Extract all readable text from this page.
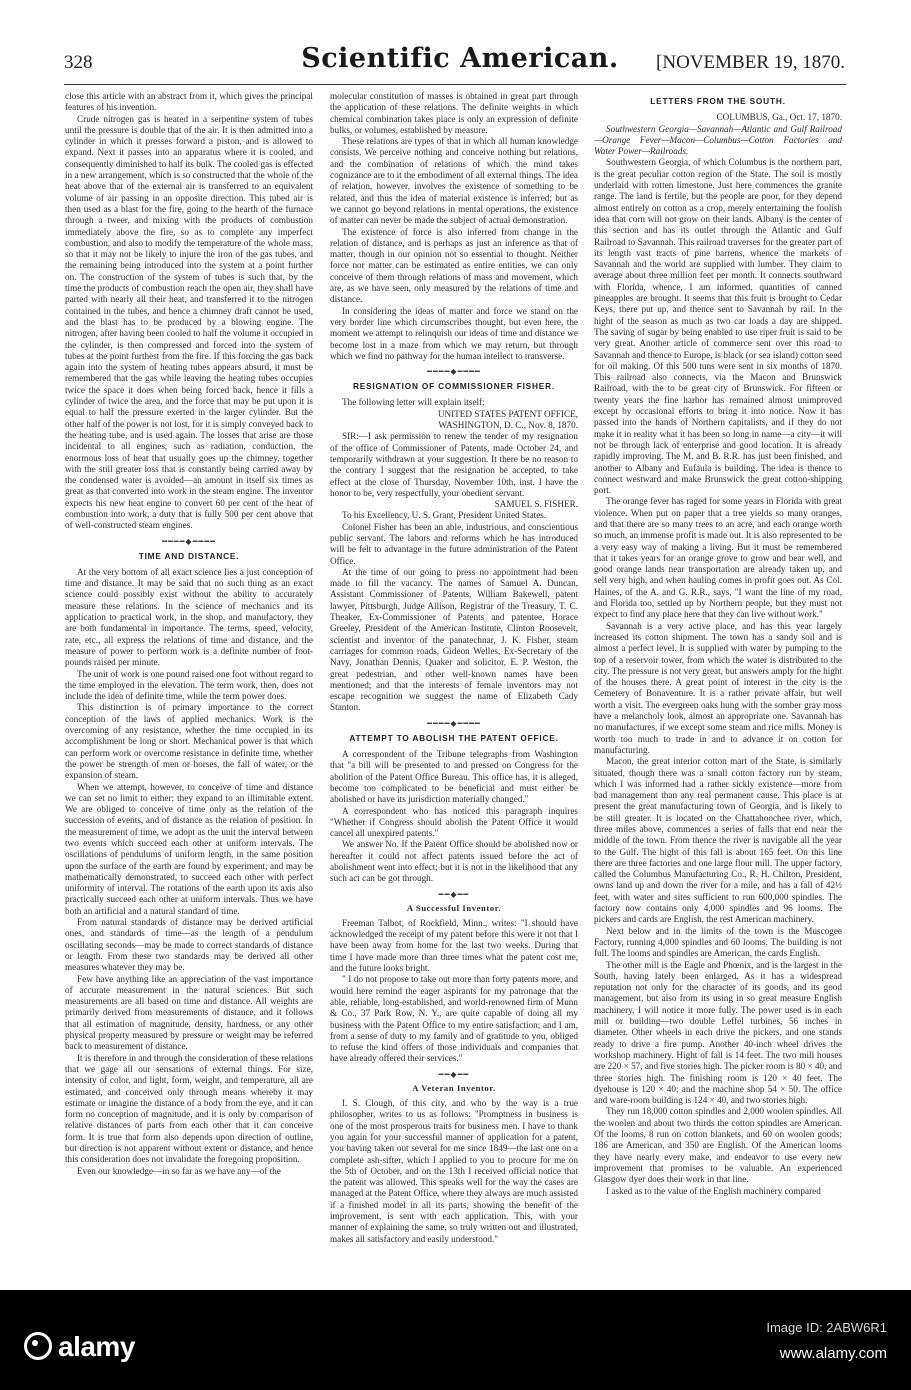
328	Scientific American. [NOVEMBER 19, 1870.

close this article with an abstract from it, which gives the principal features of his invention.

Crude nitrogen gas is heated in a serpentine system of tubes until the pressure is double that of the air. It is then admitted into a cylinder in which it presses forward a piston, and is allowed to expand. Next it passes into an apparatus where it is cooled, and consequently diminished to half its bulk. The cooled gas is effected in a new arrangement, which is so constructed that the whole of the heat above that of the external air is transferred to an equivalent volume of air passing in an opposite direction. This tubed air is then used as a blast for the fire, going to the hearth of the furnace through a tweer, and mixing with the products of combustion immediately above the fire, so as to complete any imperfect combustion, and also to modify the temperature of the whole mass, so that it may not be likely to injure the iron of the gas tubes, and the remaining being introduced into the system at a point further on. The construction of the system of tubes is such that, by the time the products of combustion reach the open air, they shall have parted with nearly all their heat, and transferred it to the nitrogen contained in the tubes, and hence a chimney draft cannot be used, and the blast has to be produced by a blowing engine. The nitrogen, after having been cooled to half the volume it occupied in the cylinder, is then compressed and forced into the system of tubes at the point furthest from the fire. If this forcing the gas back again into the system of heating tubes appears absurd, it must be remembered that the gas while leaving the heating tubes occupies twice the space it does when being forced back, hence it fills a cylinder of twice the area, and the force that may be put upon it is equal to half the pressure exerted in the larger cylinder. But the other half of the power is not lost, for it is simply conveyed back to the heating tube, and is used again. The losses that arise are those incidental to all engines, such as radiation, conduction, the enormous loss of heat that usually goes up the chimney, together with the still greater loss that is constantly being carried away by the condensed water is avoided—an amount in itself six times as great as that converted into work in the steam engine. The inventor expects his new heat engine to convert 60 per cent of the heat of combustion into work, a duty that is fully 500 per cent above that of well-constructed steam engines.

━━━━◆━━━━
TIME AND DISTANCE.

At the very bottom of all exact science lies a just conception of time and distance. It may be said that no such thing as an exact science could possibly exist without the ability to accurately measure these relations. In the science of mechanics and its application to practical work, in the shop, and manufactory, they are both fundamental in importance. The terms, speed, velocity, rate, etc., all express the relations of time and distance, and the measure of power to perform work is a definite number of foot-pounds raised per minute.

The unit of work is one pound raised one foot without regard to the time employed in the elevation. The term work, then, does not include the idea of definite time, while the term power does.

This distinction is of primary importance to the correct conception of the laws of applied mechanics. Work is the overcoming of any resistance, whether the time occupied in its accomplishment be long or short. Mechanical power is that which can perform work or overcome resistance in definite time, whether the power be strength of men or horses, the fall of water, or the expansion of steam.

When we attempt, however, to conceive of time and distance we can set no limit to either; they expand to an illimitable extent. We are obliged to conceive of time only as the relation of the succession of events, and of distance as the relation of position. In the measurement of time, we adopt as the unit the interval between two events which succeed each other at uniform intervals. The oscillations of pendulums of uniform length, in the same position upon the surface of the earth are found by experiment, and may be mathematically demonstrated, to succeed each other with perfect uniformity of interval. The rotations of the earth upon its axis also practically succeed each other at uniform intervals. Thus we have both an artificial and a natural standard of time.

From natural standards of distance may be derived artificial ones, and standards of time—as the length of a pendulum oscillating seconds—may be made to correct standards of distance or length. From these two standards may be derived all other measures whatever they may be.

Few have anything like an appreciation of the vast importance of accurate measurement in the natural sciences. But such measurements are all based on time and distance. All weights are primarily derived from measurements of distance, and it follows that all estimation of magnitude, density, hardness, or any other physical property measured by pressure or weight may be referred back to measurement of distance.

It is therefore in and through the consideration of these relations that we gage all our sensations of external things. For size, intensity of color, and light, form, weight, and temperature, all are estimated, and conceived only through means whereby it may estimate or imagine the distance of a body from the eye, and it can form no conception of magnitude, and it is only by comparison of relative distances of parts from each other that it can conceive form. It is true that form also depends upon direction of outline, but direction is not apparent without extent or distance, and hence this consideration does not invalidate the foregoing proposition.

Even our knowledge—in so far as we have any—of the

molecular constitution of masses is obtained in great part through the application of these relations. The definite weights in which chemical combination takes place is only an expression of definite bulks, or volumes, established by measure.

These relations are types of that in which all human knowledge consists. We perceive nothing and conceive nothing but relations, and the combination of relations of which the mind takes cognizance are to it the embodiment of all external things. The idea of relation, however, involves the existence of something to be related, and thus the idea of material existence is inferred; but as we cannot go beyond relations in mental operations, the existence of matter can never be made the subject of actual demonstration.

The existence of force is also inferred from change in the relation of distance, and is perhaps as just an inference as that of matter, though in our opinion not so essential to thought. Neither force nor matter can be estimated as entire entities, we can only conceive of them through relations of mass and movement, which are, as we have seen, only measured by the relations of time and distance.

In considering the ideas of matter and force we stand on the very border line which circumscribes thought, but even here, the moment we attempt to relinquish our ideas of time and distance we become lost in a maze from which we may return, but through which we find no pathway for the human intellect to transverse.

━━━━◆━━━━
RESIGNATION OF COMMISSIONER FISHER.

The following letter will explain itself:

UNITED STATES PATENT OFFICE,

WASHINGTON, D. C., Nov. 8, 1870.

SIR:—I ask permission to renew the tender of my resignation of the office of Commissioner of Patents, made October 24, and temporarily withdrawn at your suggestion. It there be no reason to the contrary I suggest that the resignation be accepted, to take effect at the close of Thursday, November 10th, inst. I have the honor to be, very respectfully, your obedient servant.

SAMUEL S. FISHER.

To his Excellency, U. S. Grant, President United States.

Colonel Fisher has been an able, industrious, and conscientious public servant. The labors and reforms which he has introduced will be felt to advantage in the future administration of the Patent Office.

At the time of our going to press no appointment had been made to fill the vacancy. The names of Samuel A. Duncan, Assistant Commissioner of Patents, William Bakewell, patent lawyer, Pittsburgh, Judge Allison, Registrar of the Treasury, T. C. Theaker, Ex-Commissioner of Patents and patentee, Horace Greeley, President of the American Institute, Clinton Roosevelt, scientist and inventor of the panatechnar, J. K. Fisher, steam carriages for common roads, Gideon Welles, Ex-Secretary of the Navy, Jonathan Dennis, Quaker and solicitor, E. P. Weston, the great pedestrian, and other well-known names have been mentioned; and that the interests of female inventors may not escape recognition we suggest the name of Elizabeth Cady Stanton.

━━━━◆━━━━
ATTEMPT TO ABOLISH THE PATENT OFFICE.

A correspondent of the Tribune telegraphs from Washington that "a bill will be presented to and pressed on Congress for the abolition of the Patent Office Bureau. This office has, it is alleged, become too complicated to be beneficial and must either be abolished or have its jurisdiction materially changed."

A correspondent who has noticed this paragraph inquires "Whether if Congress should abolish the Patent Office it would cancel all unexpired patents."

We answer No. If the Patent Office should be abolished now or hereafter it could not affect patents issued before the act of abolishment went into effect; but it is not in the likelihood that any such act can be got through.

━━◆━━
A Successful Inventor.

Freeman Talbot, of Rockfield, Minn., writes: "I should have acknowledged the receipt of my patent before this were it not that I have been away from home for the last two weeks. During that time I have made more than three times what the patent cost me, and the future looks bright.

" I do not propose to take out more than forty patents more, and would here remind the eager aspirants for my patronage that the able, reliable, long-established, and world-renowned firm of Munn & Co., 37 Park Row, N. Y., are quite capable of doing all my business with the Patent Office to my entire satisfaction; and I am, from a sense of duty to my family and of gratitude to you, obliged to refuse the kind offers of those individuals and companies that have already offered their services."

━━◆━━
A Veteran Inventor.

I. S. Clough, of this city, and who by the way is a true philosopher, writes to us as follows: "Promptness in business is one of the most prosperous traits for business men. I have to thank you again for your successful manner of application for a patent, you having taken out several for me since 1849—the last one on a complete ash-sifter, which I applied to you to procure for me on the 5th of October, and on the 13th I received official notice that the patent was allowed. This speaks well for the way the cases are managed at the Patent Office, where they always are much assisted if a finished model in all its parts, showing the benefit of the improvement, is sent with each application. This, with your manner of explaining the same, so truly written out and illustrated, makes all satisfactory and easily understood."

LETTERS FROM THE SOUTH.

COLUMBUS, Ga., Oct. 17, 1870.

Southwestern Georgia—Savannah—Atlantic and Gulf Railroad—Orange Fever—Macon—Columbus—Cotton Factories and Water Power—Railroads.

Southwestern Georgia, of which Columbus is the northern part, is the great peculiar cotton region of the State. The soil is mostly underlaid with rotten limestone. Just here commences the granite range. The land is fertile, but the people are poor, for they depend almost entirely on cotton as a crop, merely entertaining the foolish idea that corn will not grow on their lands. Albany is the center of this section and has its outlet through the Atlantic and Gulf Railroad to Savannah. This railroad traverses for the greater part of its length vast tracts of pine barrens, whence the markets of Savannah and the world are supplied with lumber. They claim to average about three million feet per month. It connects southward with Florida, whence, I am informed, quantities of canned pineapples are brought. It seems that this fruit is brought to Cedar Keys, there put up, and thence sent to Savannah by rail. In the hight of the season as much as two car loads a day are shipped. The saving of sugar by being enabled to use riper fruit is said to be very great. Another article of commerce sent over this road to Savannah and thence to Europe, is black (or sea island) cotton seed for oil making. Of this 500 tuns were sent in six months of 1870. This railroad also connects, via the Macon and Brunswick Railroad, with the to be great city of Brunswick. For fifteen or twenty years the fine harbor has remained almost unimproved except by occasional efforts to bring it into notice. Now it has passed into the hands of Northern capitalists, and if they do not make it in reality what it has been so long in name—a city—it will not be through lack of enterprise and good location. It is already rapidly improving. The M. and B. R.R. has just been finished, and another to Albany and Eufaula is building. The idea is thence to connect westward and make Brunswick the great cotton-shipping port.

The orange fever has raged for some years in Florida with great violence. When put on paper that a tree yields so many oranges, and that there are so many trees to an acre, and each orange worth so much, an immense profit is made out. It is also represented to be a very easy way of making a living. But it must be remembered that it takes years for an orange grove to grow and bear well, and good orange lands near transportation are already taken up, and sell very high, and when hauling comes in profit goes out. As Col. Haines, of the A. and G. R.R., says, "I want the line of my road, and Florida too, settled up by Northern people, but they must not expect to find any place here that they can live without work."

Savannah is a very active place, and has this year largely increased its cotton shipment. The town has a sandy soil and is almost a perfect level. It is supplied with water by pumping to the top of a reservoir tower, from which the water is distributed to the city. The pressure is not very great, but answers amply for the hight of the houses there. A great point of interest in the city is the Cemetery of Bonaventure. It is a rather private affair, but well worth a visit. The evergreen oaks hung with the somber gray moss have a melancholy look, almost an appropriate one. Savannah has no manufactures, if we except some steam and rice mills. Money is worth too much to trade in and to advance it on cotton for manufacturing.

Macon, the great interior cotton mart of the State, is similarly situated, though there was a small cotton factory run by steam, which I was informed had a rather sickly existence—more from bad management than any real permanent cause. This place is at present the great manufacturing town of Georgia, and is likely to be still greater. It is located on the Chattahoochee river, which, three miles above, commences a series of falls that end near the middle of the town. From thence the river is navigable all the year to the Gulf. The hight of this fall is about 165 feet. On this line there are three factories and one large flour mill. The upper factory, called the Columbus Manufacturing Co., R. H. Chilton, President, owns land up and down the river for a mile, and has a fall of 42½ feet, with water and sites sufficient to run 600,000 spindles. The factory now contains only 4,000 spindles and 96 looms. The pickers and cards are English, the rest American machinery.

Next below and in the limits of the town is the Muscogee Factory, running 4,000 spindles and 60 looms. The building is not full. The looms and spindles are American, the cards English.

The other mill is the Eagle and Phœnix, and is the largest in the South, having lately been enlarged. As it has a widespread reputation not only for the character of its goods, and its good management, but also from its using in so great measure English machinery, I will notice it more fully. The power used is in each mill or building—two double Leffel turbines, 56 inches in diameter. Other wheels in each drive the pickers, and one stands ready to drive a fire pump. Another 40-inch wheel drives the workshop machinery. Hight of fall is 14 feet. The two mill houses are 220 × 57, and five stories high. The picker room is 80 × 40, and three stories high. The finishing room is 120 × 40 feet. The dyehouse is 120 × 40; and the machine shop 54 × 50. The office and ware-room building is 124 × 40, and two stories high.

They run 18,000 cotton spindles and 2,000 woolen spindles. All the woolen and about two thirds the cotton spindles are American. Of the looms, 8 run on cotton blankets, and 60 on woolen goods; 186 are American, and 350 are English. Of the American looms they have nearly every make, and endeavor to use every new improvement that promises to be valuable. An experienced Glasgow dyer does their work in that line.

I asked as to the value of the English machinery compared

alamy
Image ID: 2ABW6R1
www.alamy.com
